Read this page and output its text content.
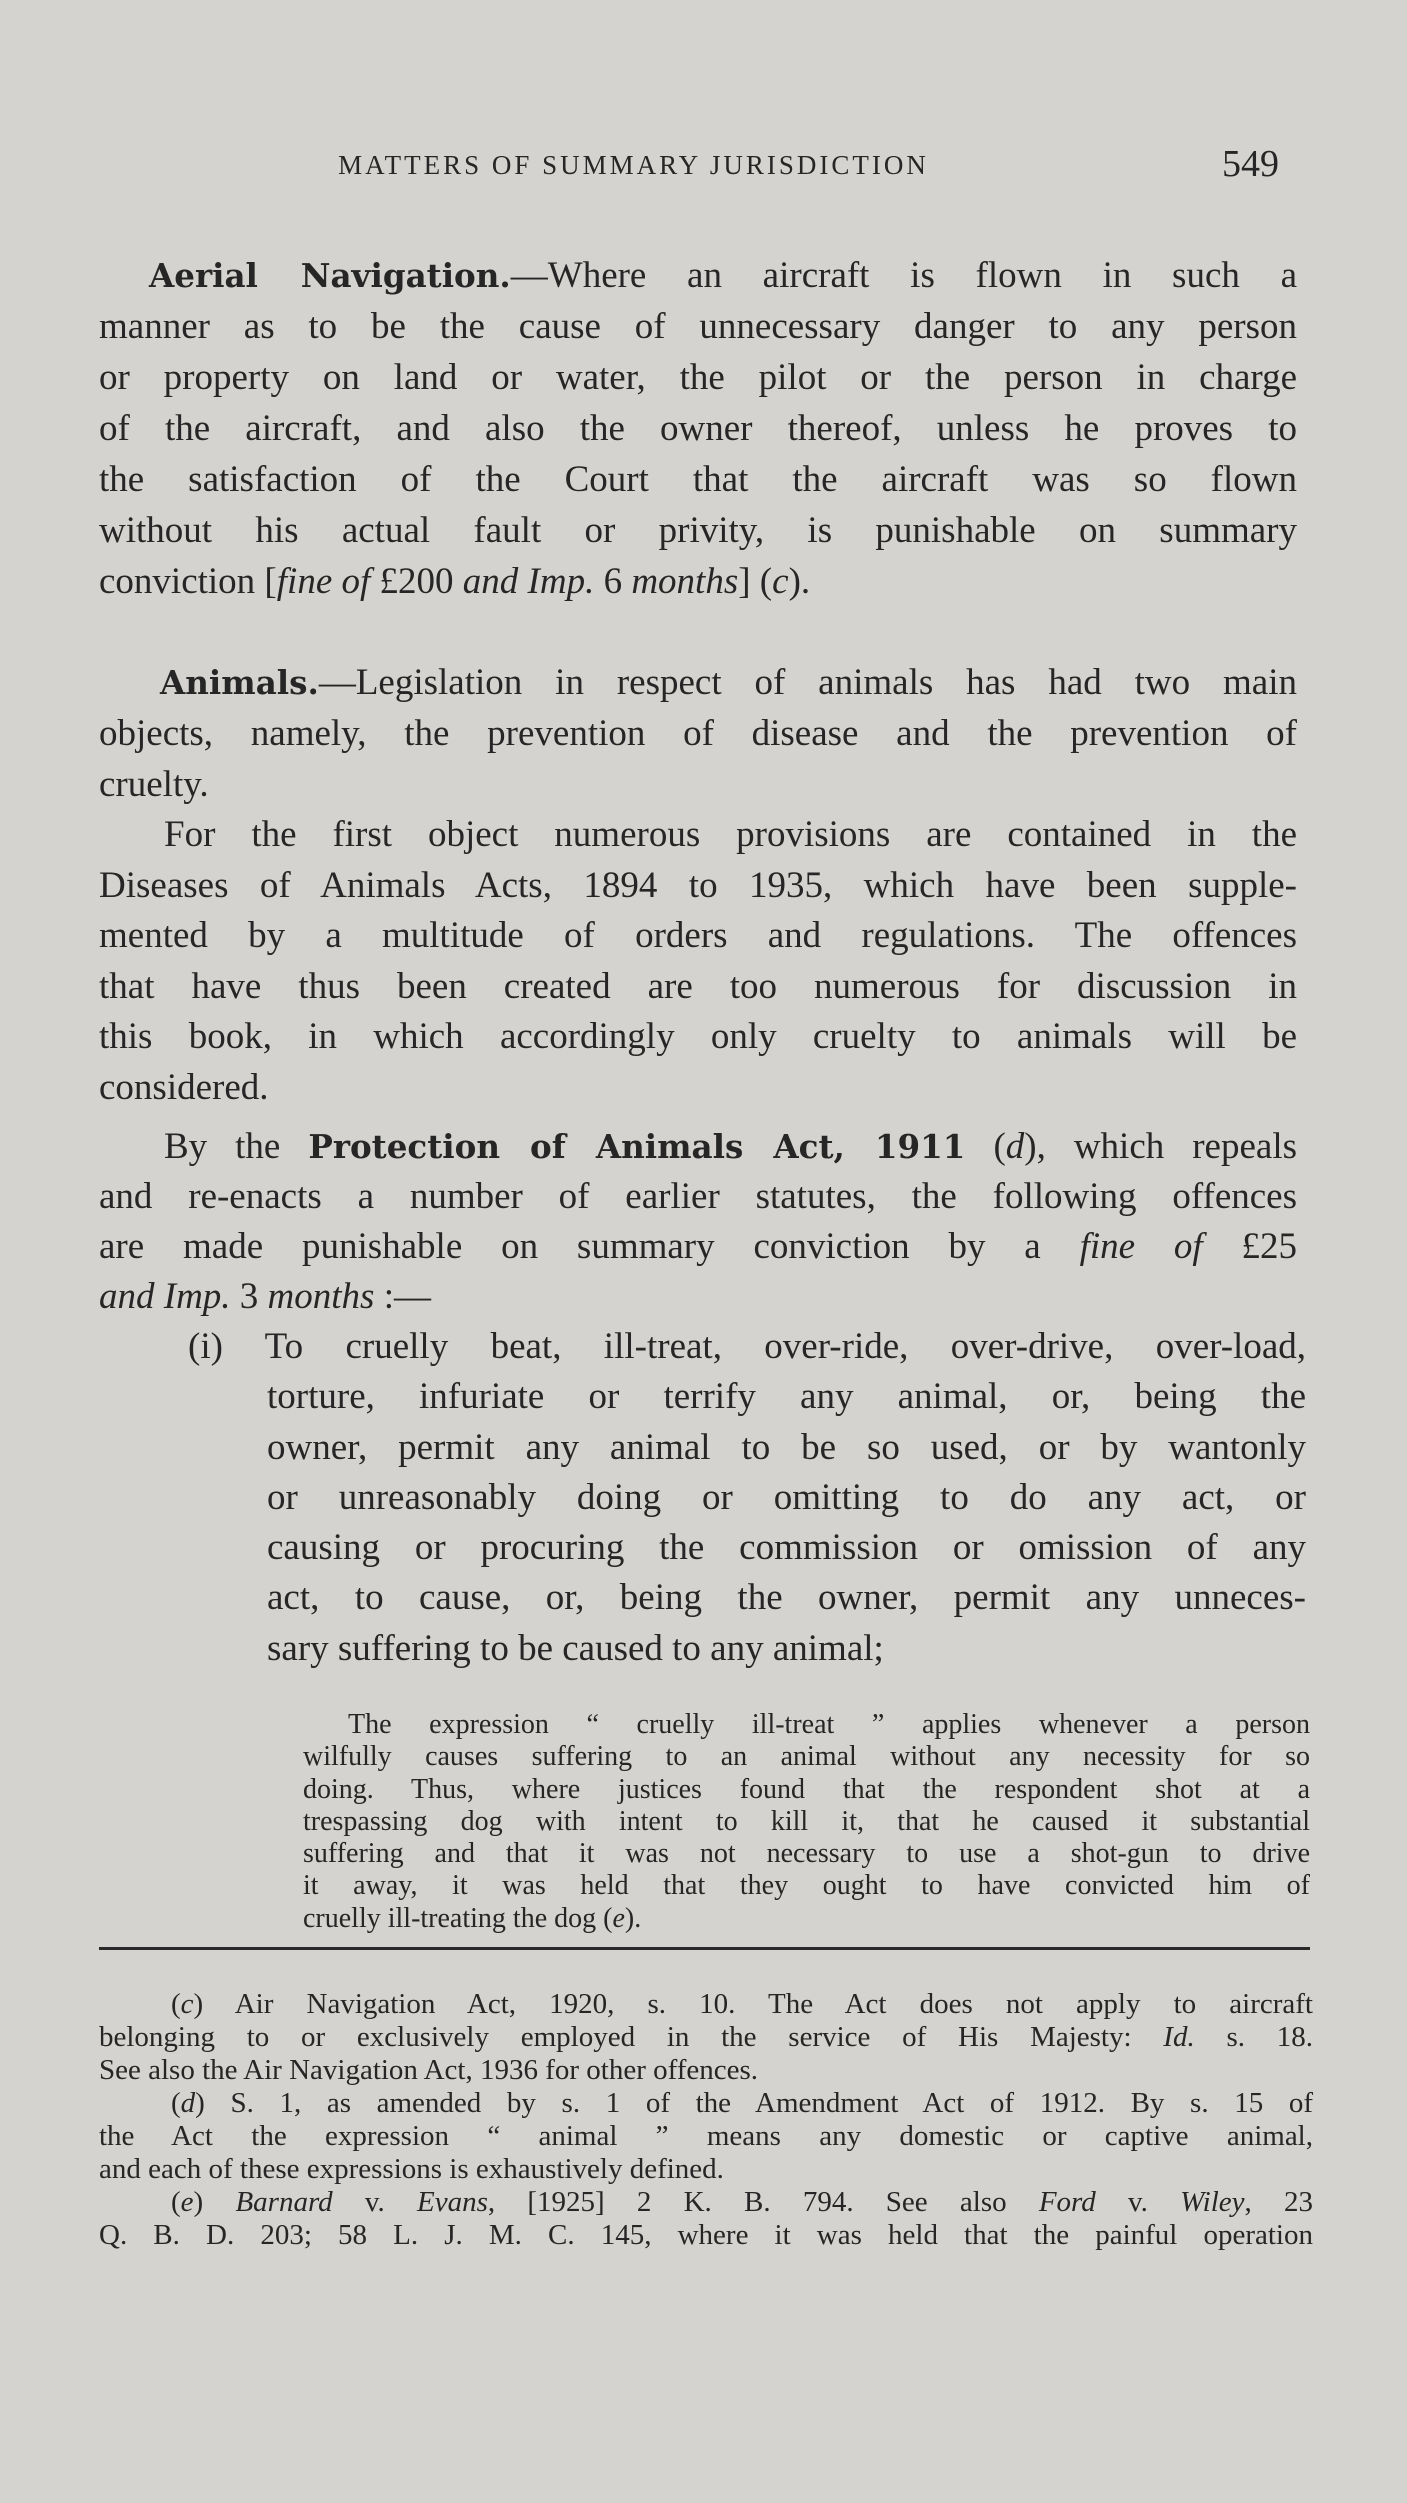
MATTERS OF SUMMARY JURISDICTION	549
Aerial Navigation.—Where an aircraft is flown in such a
manner as to be the cause of unnecessary danger to any person
or property on land or water, the pilot or the person in charge
of the aircraft, and also the owner thereof, unless he proves to
the satisfaction of the Court that the aircraft was so flown
without his actual fault or privity, is punishable on summary
conviction [fine of £200 and Imp. 6 months] (c).
Animals.—Legislation in respect of animals has had two main
objects, namely, the prevention of disease and the prevention of
cruelty.
For the first object numerous provisions are contained in the
Diseases of Animals Acts, 1894 to 1935, which have been supple-
mented by a multitude of orders and regulations. The offences
that have thus been created are too numerous for discussion in
this book, in which accordingly only cruelty to animals will be
considered.
By the Protection of Animals Act, 1911 (d), which repeals
and re-enacts a number of earlier statutes, the following offences
are made punishable on summary conviction by a fine of £25
and Imp. 3 months :—
(i) To cruelly beat, ill-treat, over-ride, over-drive, over-load,
torture, infuriate or terrify any animal, or, being the
owner, permit any animal to be so used, or by wantonly
or unreasonably doing or omitting to do any act, or
causing or procuring the commission or omission of any
act, to cause, or, being the owner, permit any unneces-
sary suffering to be caused to any animal;
The expression “ cruelly ill-treat ” applies whenever a person
wilfully causes suffering to an animal without any necessity for so
doing. Thus, where justices found that the respondent shot at a
trespassing dog with intent to kill it, that he caused it substantial
suffering and that it was not necessary to use a shot-gun to drive
it away, it was held that they ought to have convicted him of
cruelly ill-treating the dog (e).
(c) Air Navigation Act, 1920, s. 10. The Act does not apply to aircraft
belonging to or exclusively employed in the service of His Majesty: Id. s. 18.
See also the Air Navigation Act, 1936 for other offences.
(d) S. 1, as amended by s. 1 of the Amendment Act of 1912. By s. 15 of
the Act the expression “ animal ” means any domestic or captive animal,
and each of these expressions is exhaustively defined.
(e) Barnard v. Evans, [1925] 2 K. B. 794. See also Ford v. Wiley, 23
Q. B. D. 203; 58 L. J. M. C. 145, where it was held that the painful operation
